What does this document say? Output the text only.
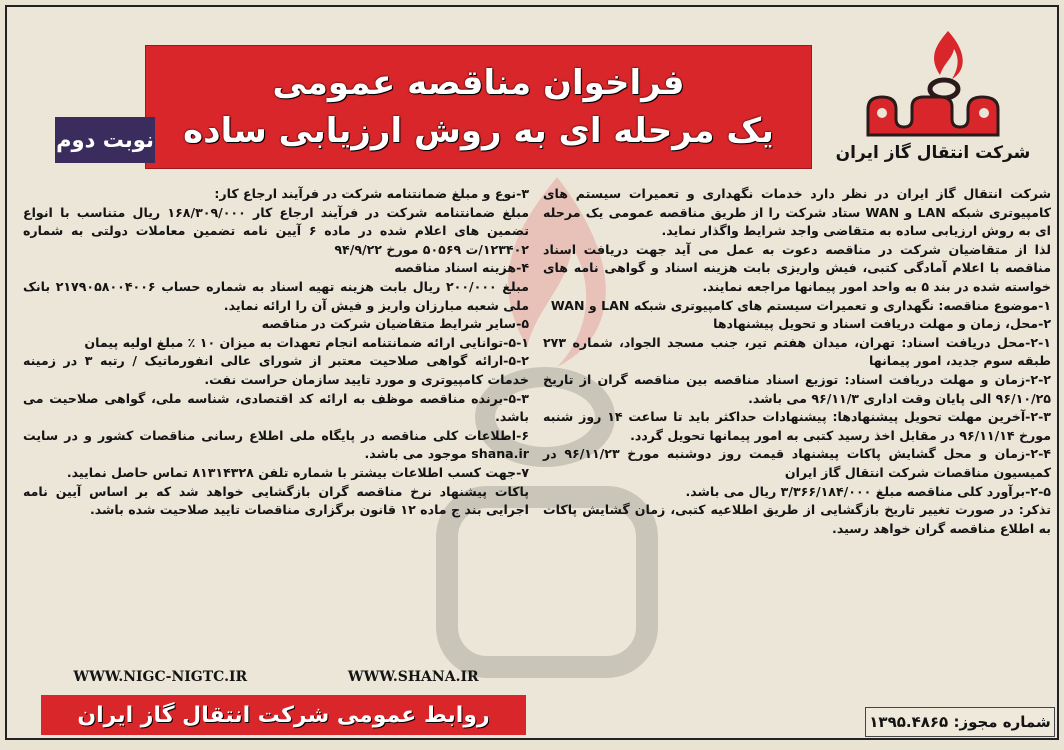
فراخوان مناقصه عمومی
یک مرحله ای به روش ارزیابی ساده
نوبت دوم
شرکت انتقال گاز ایران

شرکت انتقال گاز ایران در نظر دارد خدمات نگهداری و تعمیرات سیستم های کامپیوتری شبکه LAN و WAN ستاد شرکت را از طریق مناقصه عمومی یک مرحله ای به روش ارزیابی ساده به متقاضی واجد شرایط واگذار نماید.

لذا از متقاضیان شرکت در مناقصه دعوت به عمل می آید جهت دریافت اسناد مناقصه با اعلام آمادگی کتبی، فیش واریزی بابت هزینه اسناد و گواهی نامه های خواسته شده در بند ۵ به واحد امور پیمانها مراجعه نمایند.

۱-موضوع مناقصه: نگهداری و تعمیرات سیستم های کامپیوتری شبکه LAN و WAN

۲-محل، زمان و مهلت دریافت اسناد و تحویل پیشنهادها

۲-۱-محل دریافت اسناد: تهران، میدان هفتم تیر، جنب مسجد الجواد، شماره ۲۷۳ طبقه سوم جدید، امور پیمانها

۲-۲-زمان و مهلت دریافت اسناد: توزیع اسناد مناقصه بین مناقصه گران از تاریخ ۹۶/۱۰/۲۵ الی پایان وقت اداری ۹۶/۱۱/۳ می باشد.

۲-۳-آخرین مهلت تحویل پیشنهادها: پیشنهادات حداکثر باید تا ساعت ۱۴ روز شنبه مورخ ۹۶/۱۱/۱۴ در مقابل اخذ رسید کتبی به امور پیمانها تحویل گردد.

۲-۴-زمان و محل گشایش پاکات پیشنهاد قیمت روز دوشنبه مورخ ۹۶/۱۱/۲۳ در کمیسیون مناقصات شرکت انتقال گاز ایران

۲-۵-برآورد کلی مناقصه مبلغ ۳/۳۶۶/۱۸۴/۰۰۰ ریال می باشد.

تذکر: در صورت تغییر تاریخ بازگشایی از طریق اطلاعیه کتبی، زمان گشایش پاکات به اطلاع مناقصه گران خواهد رسید.

۳-نوع و مبلغ ضمانتنامه شرکت در فرآیند ارجاع کار:

مبلغ ضمانتنامه شرکت در فرآیند ارجاع کار ۱۶۸/۳۰۹/۰۰۰ ریال متناسب با انواع تضمین های اعلام شده در ماده ۶ آیین نامه تضمین معاملات دولتی به شماره ۱۲۳۴۰۲/ت ۵۰۵۶۹ مورخ ۹۴/۹/۲۲

۴-هزینه اسناد مناقصه

مبلغ ۲۰۰/۰۰۰ ریال بابت هزینه تهیه اسناد به شماره حساب ۲۱۷۹۰۵۸۰۰۴۰۰۶ بانک ملی شعبه مبارزان واریز و فیش آن را ارائه نماید.

۵-سایر شرایط متقاضیان شرکت در مناقصه

۵-۱-توانایی ارائه ضمانتنامه انجام تعهدات به میزان ۱۰ ٪ مبلغ اولیه پیمان

۵-۲-ارائه گواهی صلاحیت معتبر از شورای عالی انفورماتیک / رتبه ۳ در زمینه خدمات کامپیوتری و مورد تایید سازمان حراست نفت.

۵-۳-برنده مناقصه موظف به ارائه کد اقتصادی، شناسه ملی، گواهی صلاحیت می باشد.

۶-اطلاعات کلی مناقصه در پایگاه ملی اطلاع رسانی مناقصات کشور و در سایت shana.ir موجود می باشد.

۷-جهت کسب اطلاعات بیشتر با شماره تلفن ۸۱۳۱۴۳۲۸ تماس حاصل نمایید.

پاکات پیشنهاد نرخ مناقصه گران بازگشایی خواهد شد که بر اساس آیین نامه اجرایی بند ج ماده ۱۲ قانون برگزاری مناقصات تایید صلاحیت شده باشد.

WWW.NIGC-NIGTC.IR	WWW.SHANA.IR
روابط عمومی شرکت انتقال گاز ایران	شماره مجوز: ۱۳۹۵.۴۸۶۵
